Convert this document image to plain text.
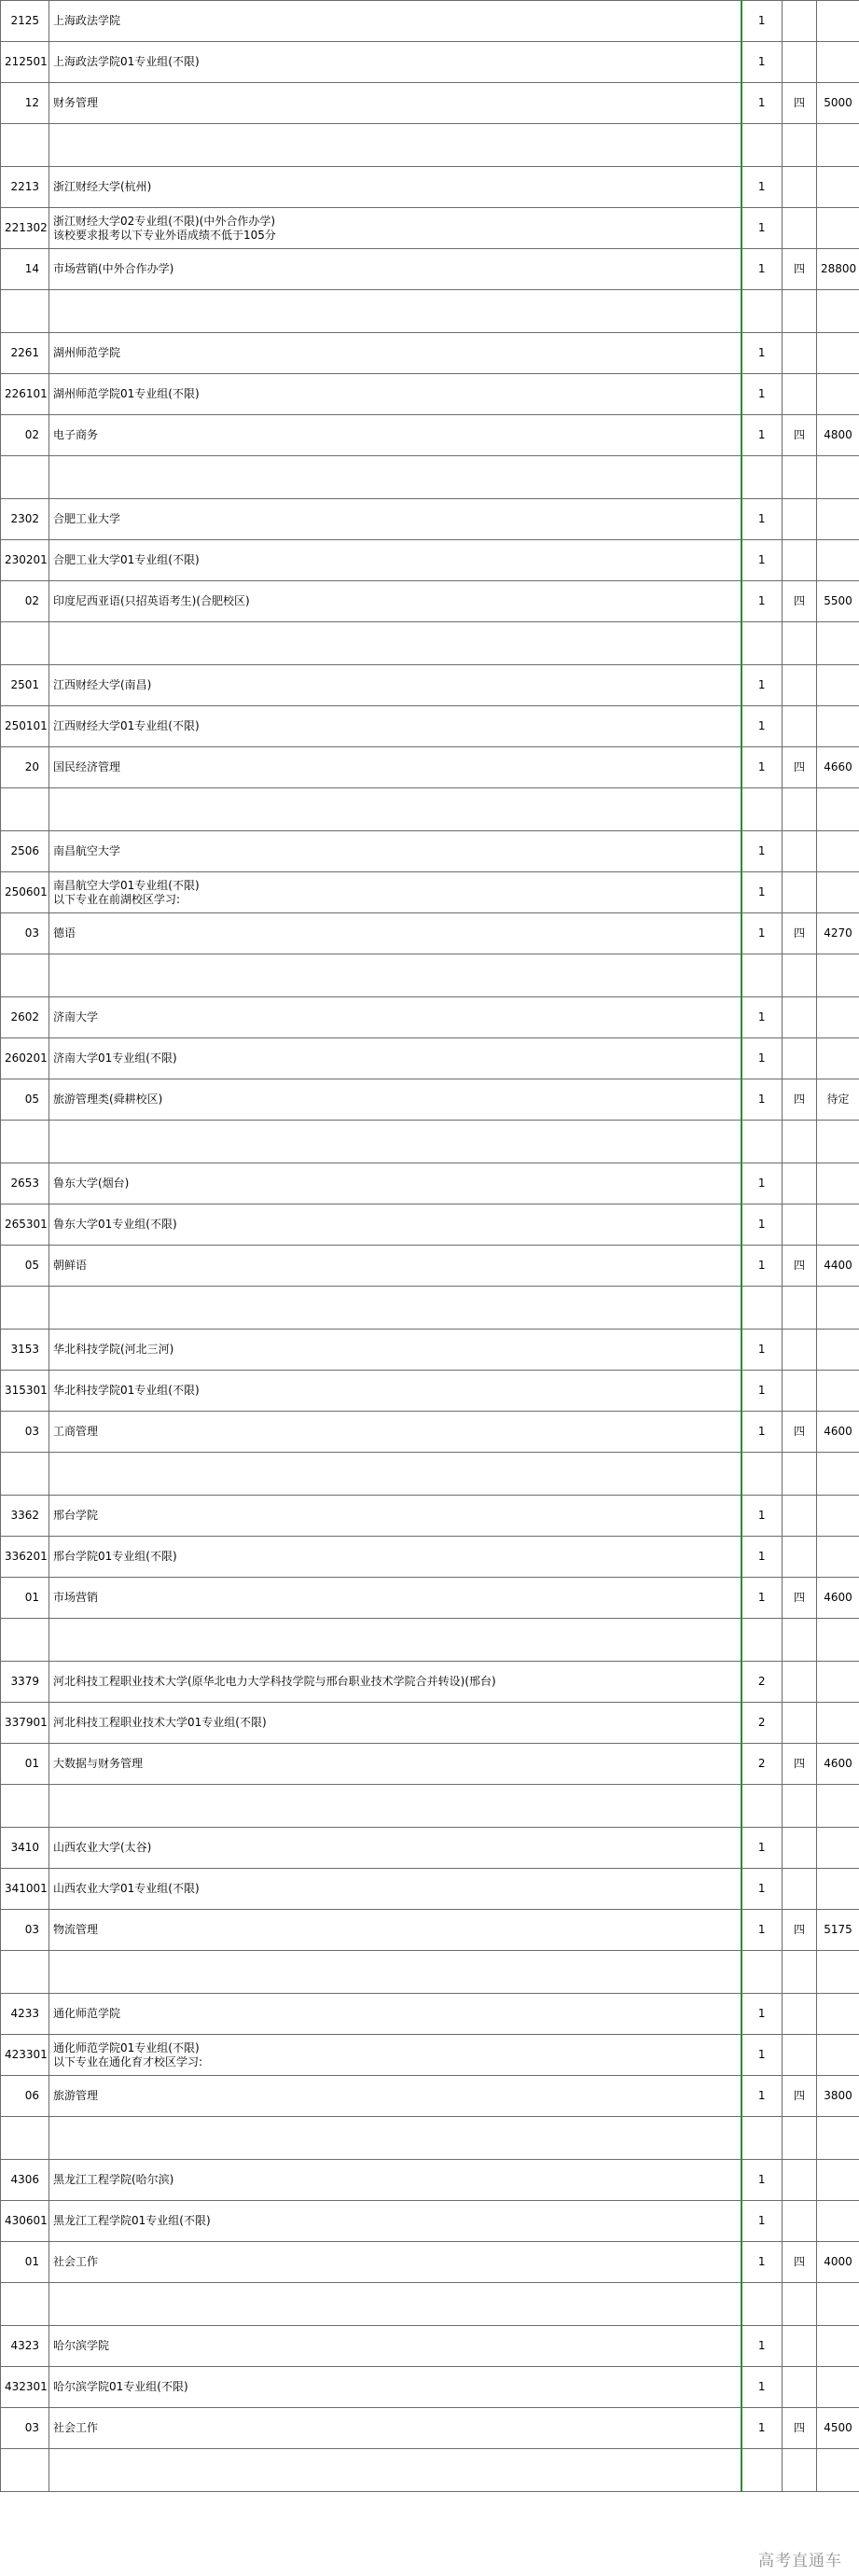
2125	上海政法学院	1		
212501	上海政法学院01专业组(不限)	1		
12	财务管理	1	四	5000

2213	浙江财经大学(杭州)	1		
221302	浙江财经大学02专业组(不限)(中外合作办学)
该校要求报考以下专业外语成绩不低于105分	1		
14	市场营销(中外合作办学)	1	四	28800

2261	湖州师范学院	1		
226101	湖州师范学院01专业组(不限)	1		
02	电子商务	1	四	4800

2302	合肥工业大学	1		
230201	合肥工业大学01专业组(不限)	1		
02	印度尼西亚语(只招英语考生)(合肥校区)	1	四	5500

2501	江西财经大学(南昌)	1		
250101	江西财经大学01专业组(不限)	1		
20	国民经济管理	1	四	4660

2506	南昌航空大学	1		
250601	南昌航空大学01专业组(不限)
以下专业在前湖校区学习:	1		
03	德语	1	四	4270

2602	济南大学	1		
260201	济南大学01专业组(不限)	1		
05	旅游管理类(舜耕校区)	1	四	待定

2653	鲁东大学(烟台)	1		
265301	鲁东大学01专业组(不限)	1		
05	朝鲜语	1	四	4400

3153	华北科技学院(河北三河)	1		
315301	华北科技学院01专业组(不限)	1		
03	工商管理	1	四	4600

3362	邢台学院	1		
336201	邢台学院01专业组(不限)	1		
01	市场营销	1	四	4600

3379	河北科技工程职业技术大学(原华北电力大学科技学院与邢台职业技术学院合并转设)(邢台)	2		
337901	河北科技工程职业技术大学01专业组(不限)	2		
01	大数据与财务管理	2	四	4600

3410	山西农业大学(太谷)	1		
341001	山西农业大学01专业组(不限)	1		
03	物流管理	1	四	5175

4233	通化师范学院	1		
423301	通化师范学院01专业组(不限)
以下专业在通化育才校区学习:	1		
06	旅游管理	1	四	3800

4306	黑龙江工程学院(哈尔滨)	1		
430601	黑龙江工程学院01专业组(不限)	1		
01	社会工作	1	四	4000

4323	哈尔滨学院	1		
432301	哈尔滨学院01专业组(不限)	1		
03	社会工作	1	四	4500

高考直通车
